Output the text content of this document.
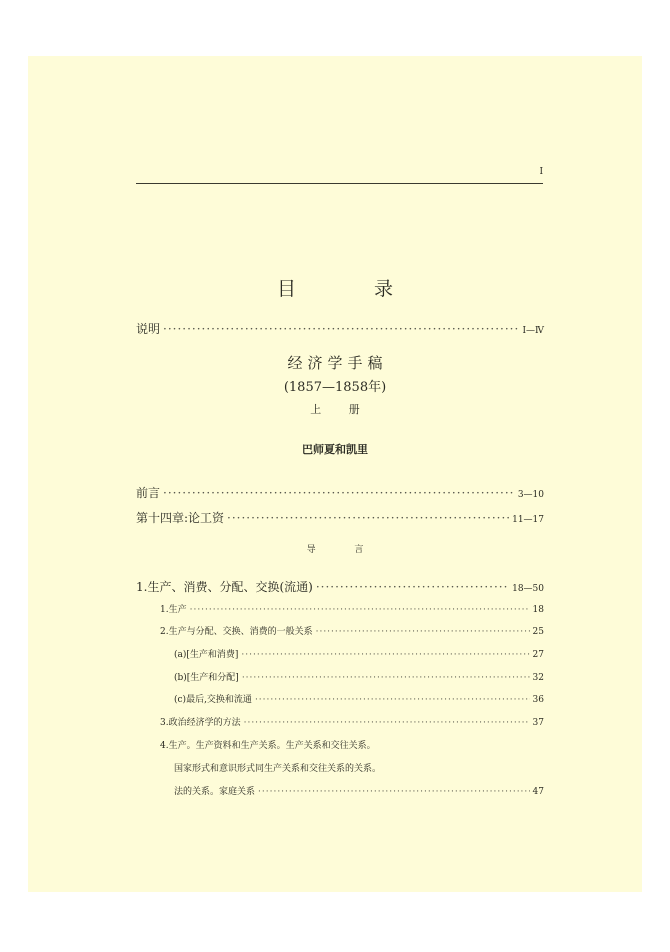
I
目 录
说明 ·····	I—Ⅳ
经济学手稿
(1857—1858年)
上 册
巴师夏和凯里
前言 ·····	3—10
第十四章:论工资 ·····	11—17
导 言
1.生产、消费、分配、交换(流通) ·····	18—50
1.生产 ·····	18
2.生产与分配、交换、消费的一般关系 ·····	25
(a)[生产和消费] ·····	27
(b)[生产和分配] ·····	32
(c)最后,交换和流通 ·····	36
3.政治经济学的方法 ·····	37
4.生产。生产资料和生产关系。生产关系和交往关系。
国家形式和意识形式同生产关系和交往关系的关系。
法的关系。家庭关系 ·····	47
